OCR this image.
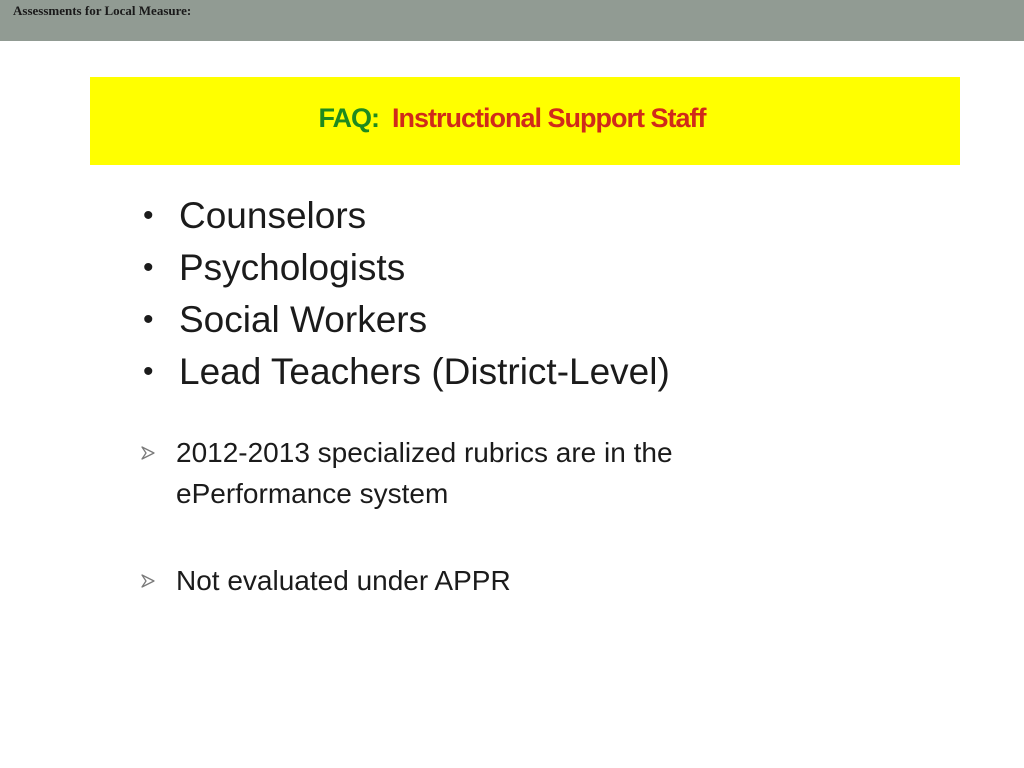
Assessments for Local Measure:
FAQ: Instructional Support Staff
• Counselors
• Psychologists
• Social Workers
• Lead Teachers (District-Level)
2012-2013 specialized rubrics are in the ePerformance system
Not evaluated under APPR
